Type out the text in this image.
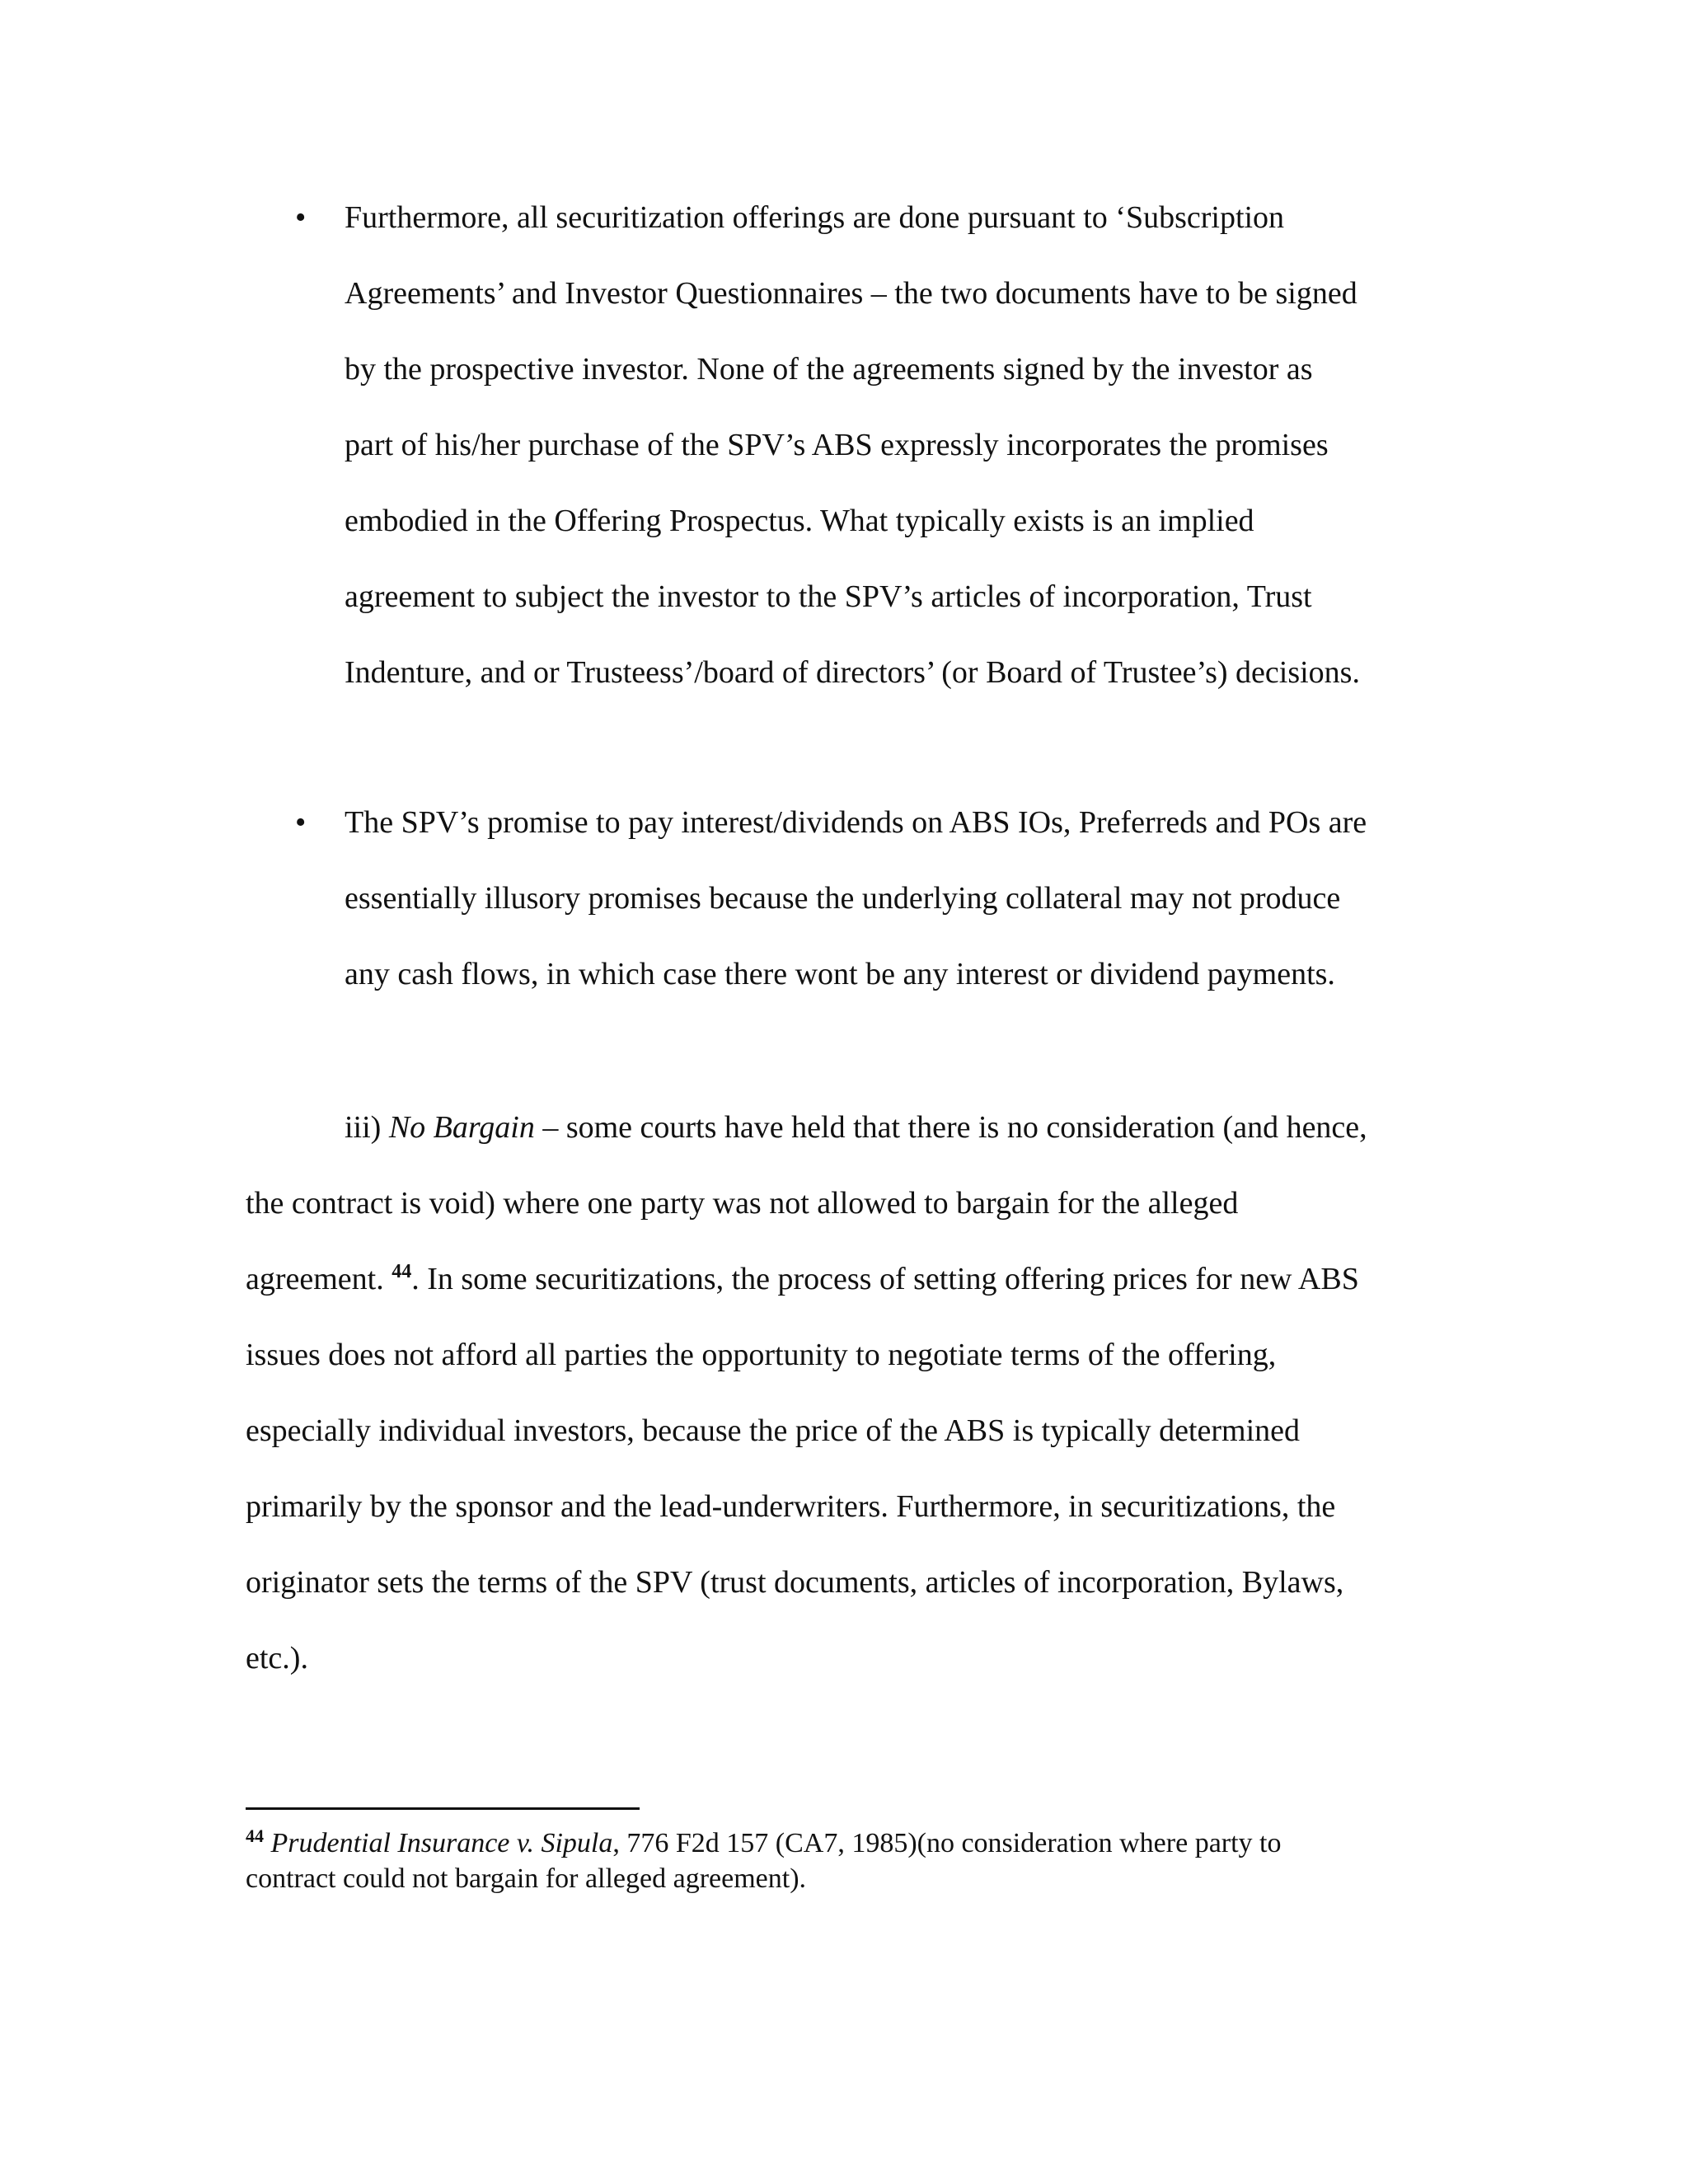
• Furthermore, all securitization offerings are done pursuant to ‘Subscription

Agreements’ and Investor Questionnaires – the two documents have to be signed

by the prospective investor. None of the agreements signed by the investor as

part of his/her purchase of the SPV’s ABS expressly incorporates the promises

embodied in the Offering Prospectus. What typically exists is an implied

agreement to subject the investor to the SPV’s articles of incorporation, Trust

Indenture, and or Trusteess’/board of directors’ (or Board of Trustee’s) decisions.

• The SPV’s promise to pay interest/dividends on ABS IOs, Preferreds and POs are

essentially illusory promises because the underlying collateral may not produce

any cash flows, in which case there wont be any interest or dividend payments.

iii) No Bargain – some courts have held that there is no consideration (and hence,

the contract is void) where one party was not allowed to bargain for the alleged

agreement. $^{44}$. In some securitizations, the process of setting offering prices for new ABS

issues does not afford all parties the opportunity to negotiate terms of the offering,

especially individual investors, because the price of the ABS is typically determined

primarily by the sponsor and the lead-underwriters. Furthermore, in securitizations, the

originator sets the terms of the SPV (trust documents, articles of incorporation, Bylaws,

etc.).

$^{44}$ Prudential Insurance v. Sipula, 776 F2d 157 (CA7, 1985)(no consideration where party to

contract could not bargain for alleged agreement).
